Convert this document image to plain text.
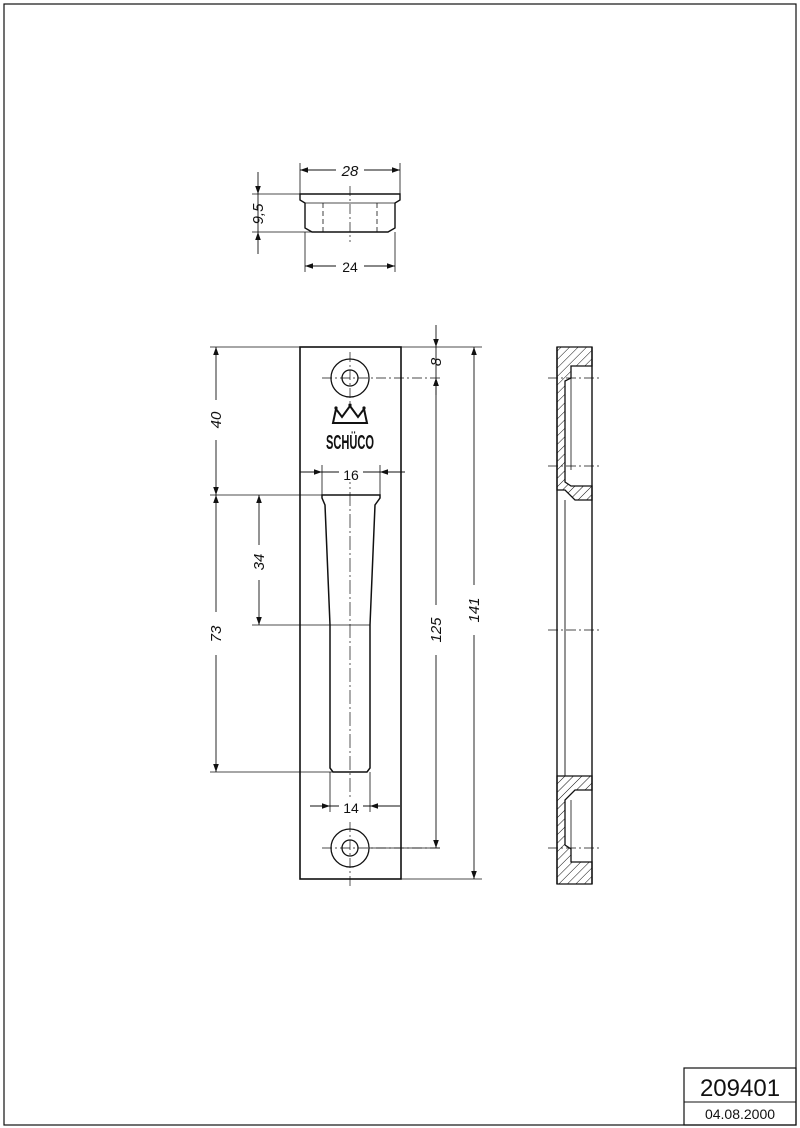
28
9,5
24
SCHÜCO
16
14
40
73
34
8
125
141
209401
04.08.2000
